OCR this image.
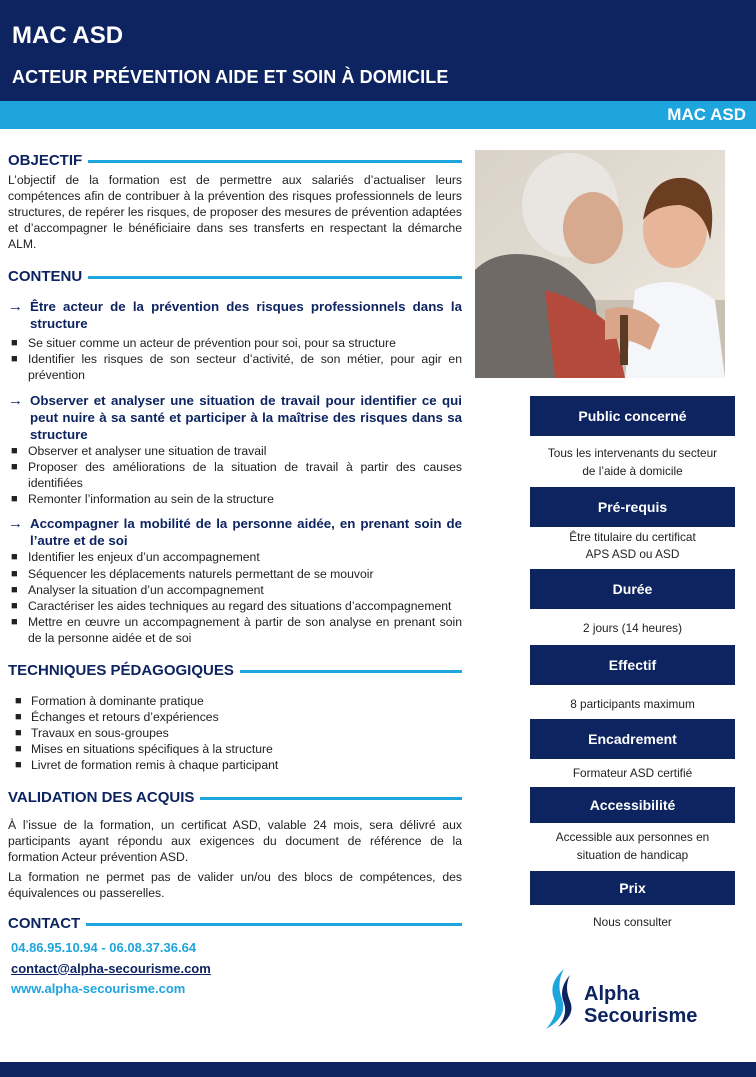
MAC ASD
ACTEUR PRÉVENTION AIDE ET SOIN À DOMICILE
MAC ASD
OBJECTIF

L’objectif de la formation est de permettre aux salariés d’actualiser leurs compétences afin de contribuer à la prévention des risques professionnels de leurs structures, de repérer les risques, de proposer des mesures de prévention adaptées et d’accompagner le bénéficiaire dans ses transferts en respectant la démarche ALM.

CONTENU
→ Être acteur de la prévention des risques professionnels dans la structure
■ Se situer comme un acteur de prévention pour soi, pour sa structure
■ Identifier les risques de son secteur d’activité, de son métier, pour agir en prévention
→ Observer et analyser une situation de travail pour identifier ce qui peut nuire à sa santé et participer à la maîtrise des risques dans sa structure
■ Observer et analyser une situation de travail
■ Proposer des améliorations de la situation de travail à partir des causes identifiées
■ Remonter l’information au sein de la structure
→ Accompagner la mobilité de la personne aidée, en prenant soin de l’autre et de soi
■ Identifier les enjeux d’un accompagnement
■ Séquencer les déplacements naturels permettant de se mouvoir
■ Analyser la situation d’un accompagnement
■ Caractériser les aides techniques au regard des situations d’accompagnement
■ Mettre en œuvre un accompagnement à partir de son analyse en prenant soin de la personne aidée et de soi
TECHNIQUES PÉDAGOGIQUES
■ Formation à dominante pratique
■ Échanges et retours d’expériences
■ Travaux en sous-groupes
■ Mises en situations spécifiques à la structure
■ Livret de formation remis à chaque participant
VALIDATION DES ACQUIS

À l’issue de la formation, un certificat ASD, valable 24 mois, sera délivré aux participants ayant répondu aux exigences du document de référence de la formation Acteur prévention ASD.

La formation ne permet pas de valider un/ou des blocs de compétences, des équivalences ou passerelles.

CONTACT
04.86.95.10.94 - 06.08.37.36.64
contact@alpha-secourisme.com
www.alpha-secourisme.com
Public concerné
Tous les intervenants du secteur
de l’aide à domicile
Pré-requis
Être titulaire du certificat
APS ASD ou ASD
Durée
2 jours (14 heures)
Effectif
8 participants maximum
Encadrement
Formateur ASD certifié
Accessibilité
Accessible aux personnes en
situation de handicap
Prix
Nous consulter
Alpha
Secourisme
